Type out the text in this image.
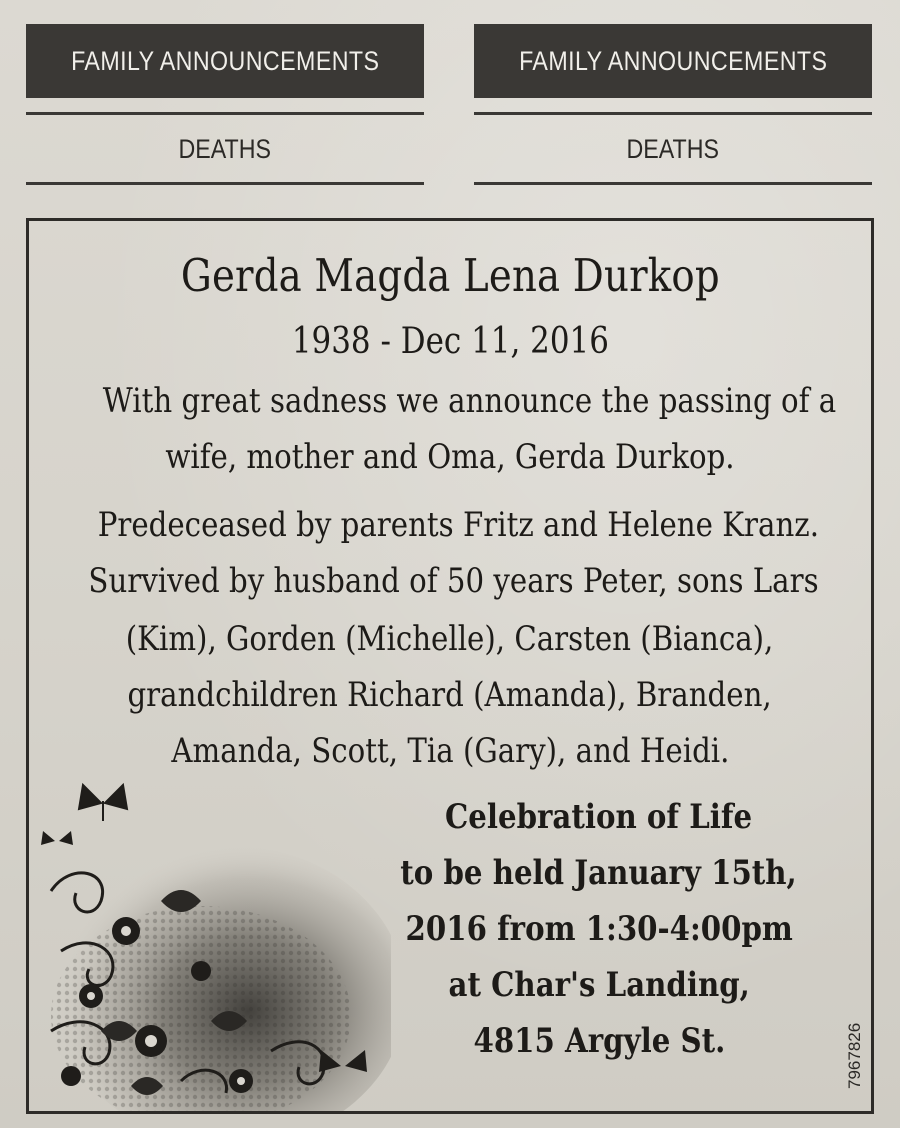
FAMILY ANNOUNCEMENTS
DEATHS
FAMILY ANNOUNCEMENTS
DEATHS
Gerda Magda Lena Durkop
1938 - Dec 11, 2016
With great sadness we announce the passing of a
wife, mother and Oma, Gerda Durkop.
Predeceased by parents Fritz and Helene Kranz.
Survived by husband of 50 years Peter, sons Lars
(Kim), Gorden (Michelle), Carsten (Bianca),
grandchildren Richard (Amanda), Branden,
Amanda, Scott, Tia (Gary), and Heidi.
Celebration of Life
to be held January 15th,
2016 from 1:30-4:00pm
at Char's Landing,
4815 Argyle St.	7967826
